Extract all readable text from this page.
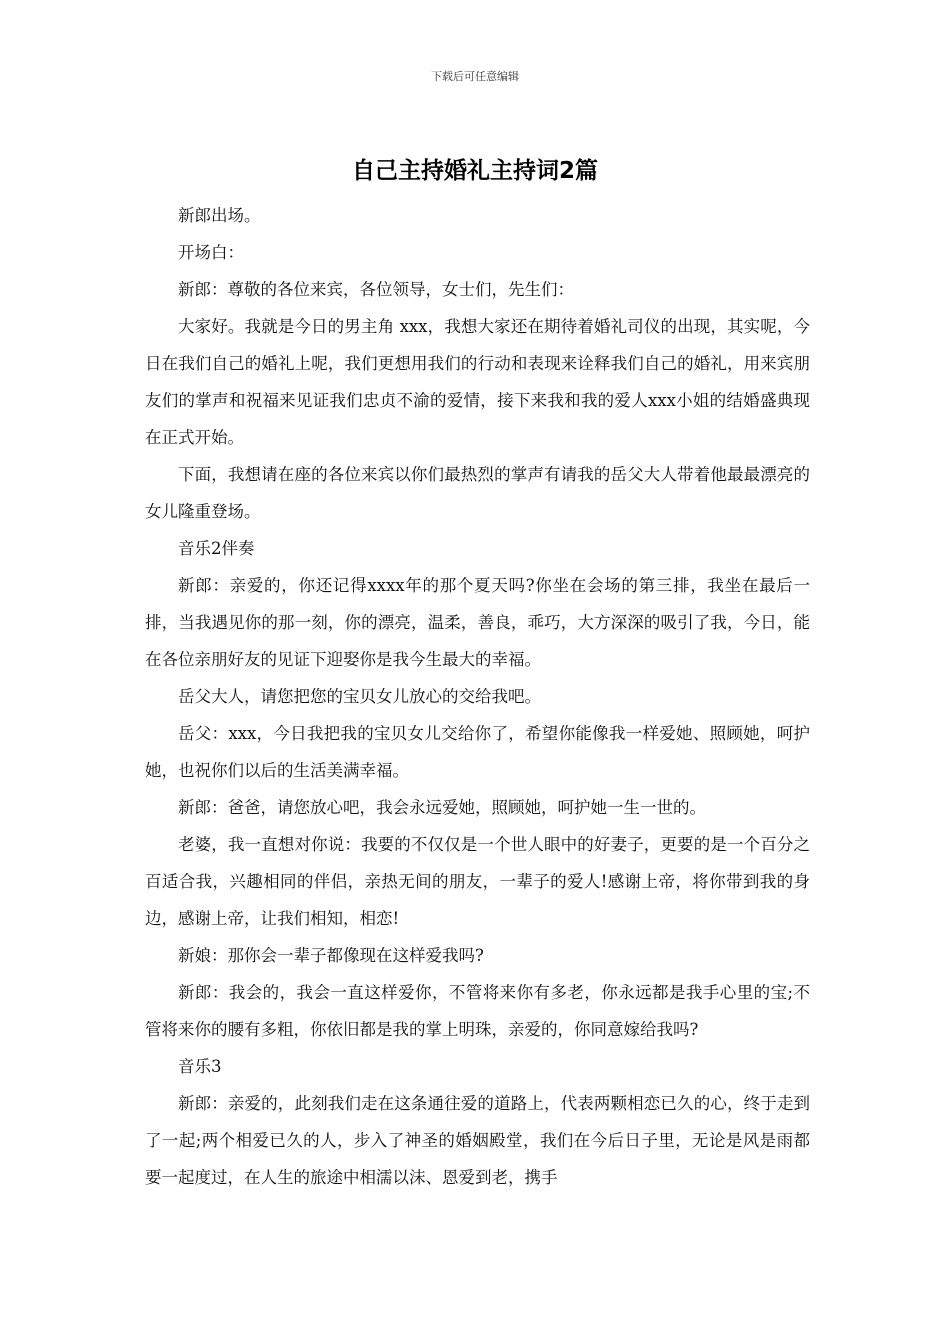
下载后可任意编辑
自己主持婚礼主持词2篇

新郎出场。

开场白：

新郎：尊敬的各位来宾，各位领导，女士们，先生们：

大家好。我就是今日的男主角 xxx，我想大家还在期待着婚礼司仪的出现，其实呢，今日在我们自己的婚礼上呢，我们更想用我们的行动和表现来诠释我们自己的婚礼，用来宾朋友们的掌声和祝福来见证我们忠贞不渝的爱情，接下来我和我的爱人xxx小姐的结婚盛典现在正式开始。

下面，我想请在座的各位来宾以你们最热烈的掌声有请我的岳父大人带着他最最漂亮的女儿隆重登场。

音乐2伴奏

新郎：亲爱的，你还记得xxxx年的那个夏天吗?你坐在会场的第三排，我坐在最后一排，当我遇见你的那一刻，你的漂亮，温柔，善良，乖巧，大方深深的吸引了我，今日，能在各位亲朋好友的见证下迎娶你是我今生最大的幸福。

岳父大人，请您把您的宝贝女儿放心的交给我吧。

岳父：xxx，今日我把我的宝贝女儿交给你了，希望你能像我一样爱她、照顾她，呵护她，也祝你们以后的生活美满幸福。

新郎：爸爸，请您放心吧，我会永远爱她，照顾她，呵护她一生一世的。

老婆，我一直想对你说：我要的不仅仅是一个世人眼中的好妻子，更要的是一个百分之百适合我，兴趣相同的伴侣，亲热无间的朋友，一辈子的爱人!感谢上帝，将你带到我的身边，感谢上帝，让我们相知，相恋!

新娘：那你会一辈子都像现在这样爱我吗?

新郎：我会的，我会一直这样爱你，不管将来你有多老，你永远都是我手心里的宝;不管将来你的腰有多粗，你依旧都是我的掌上明珠，亲爱的，你同意嫁给我吗?

音乐3

新郎：亲爱的，此刻我们走在这条通往爱的道路上，代表两颗相恋已久的心，终于走到了一起;两个相爱已久的人，步入了神圣的婚姻殿堂，我们在今后日子里，无论是风是雨都要一起度过，在人生的旅途中相濡以沫、恩爱到老，携手
